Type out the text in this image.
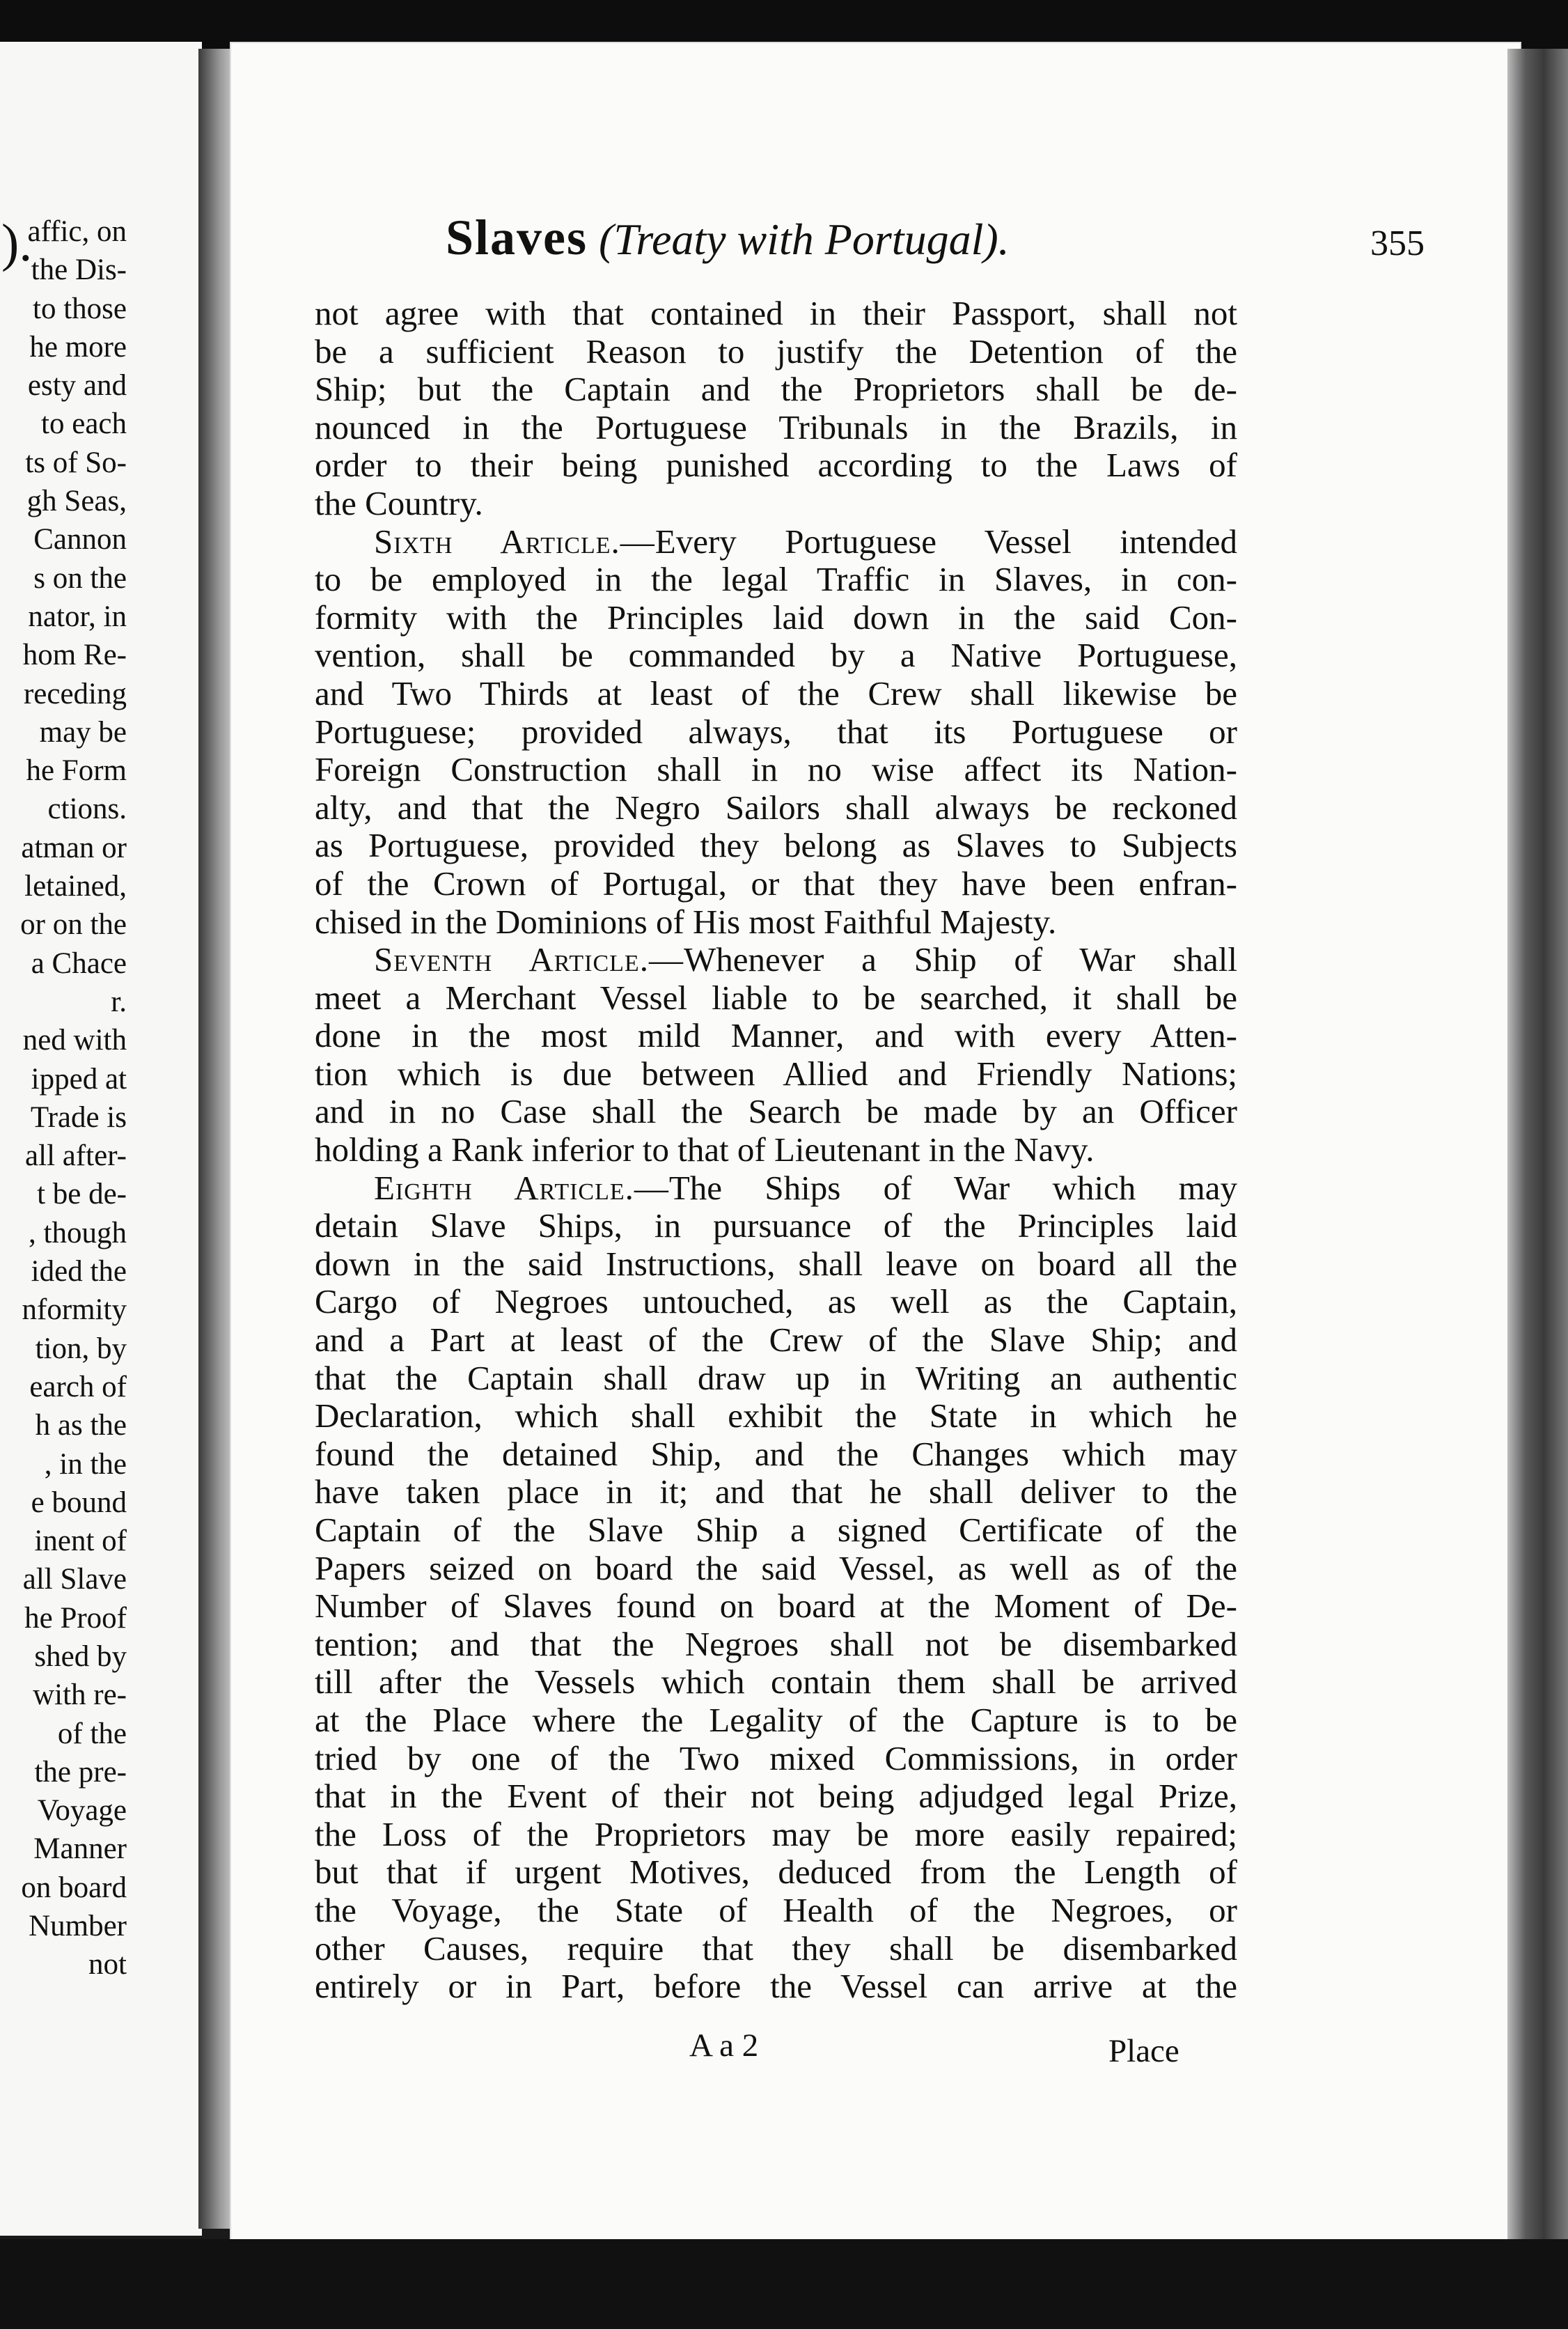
).
affic, on
the Dis-
to those
he more
esty and
to each
ts of So-
gh Seas,
Cannon
s on the
nator, in
hom Re-
receding
may be
he Form
ctions.
atman or
letained,
or on the
a Chace
r.
ned with
ipped at
Trade is
all after-
t be de-
, though
ided the
nformity
tion, by
earch of
h as the
, in the
e bound
inent of
all Slave
he Proof
shed by
with re-
of the
the pre-
Voyage
Manner
on board
Number
not
Slaves (Treaty with Portugal).	355
not agree with that contained in their Passport, shall not
be a sufficient Reason to justify the Detention of the
Ship; but the Captain and the Proprietors shall be de-
nounced in the Portuguese Tribunals in the Brazils, in
order to their being punished according to the Laws of
the Country.
Sixth Article.—Every Portuguese Vessel intended
to be employed in the legal Traffic in Slaves, in con-
formity with the Principles laid down in the said Con-
vention, shall be commanded by a Native Portuguese,
and Two Thirds at least of the Crew shall likewise be
Portuguese; provided always, that its Portuguese or
Foreign Construction shall in no wise affect its Nation-
alty, and that the Negro Sailors shall always be reckoned
as Portuguese, provided they belong as Slaves to Subjects
of the Crown of Portugal, or that they have been enfran-
chised in the Dominions of His most Faithful Majesty.
Seventh Article.—Whenever a Ship of War shall
meet a Merchant Vessel liable to be searched, it shall be
done in the most mild Manner, and with every Atten-
tion which is due between Allied and Friendly Nations;
and in no Case shall the Search be made by an Officer
holding a Rank inferior to that of Lieutenant in the Navy.
Eighth Article.—The Ships of War which may
detain Slave Ships, in pursuance of the Principles laid
down in the said Instructions, shall leave on board all the
Cargo of Negroes untouched, as well as the Captain,
and a Part at least of the Crew of the Slave Ship; and
that the Captain shall draw up in Writing an authentic
Declaration, which shall exhibit the State in which he
found the detained Ship, and the Changes which may
have taken place in it; and that he shall deliver to the
Captain of the Slave Ship a signed Certificate of the
Papers seized on board the said Vessel, as well as of the
Number of Slaves found on board at the Moment of De-
tention; and that the Negroes shall not be disembarked
till after the Vessels which contain them shall be arrived
at the Place where the Legality of the Capture is to be
tried by one of the Two mixed Commissions, in order
that in the Event of their not being adjudged legal Prize,
the Loss of the Proprietors may be more easily repaired;
but that if urgent Motives, deduced from the Length of
the Voyage, the State of Health of the Negroes, or
other Causes, require that they shall be disembarked
entirely or in Part, before the Vessel can arrive at the
A a 2	Place
